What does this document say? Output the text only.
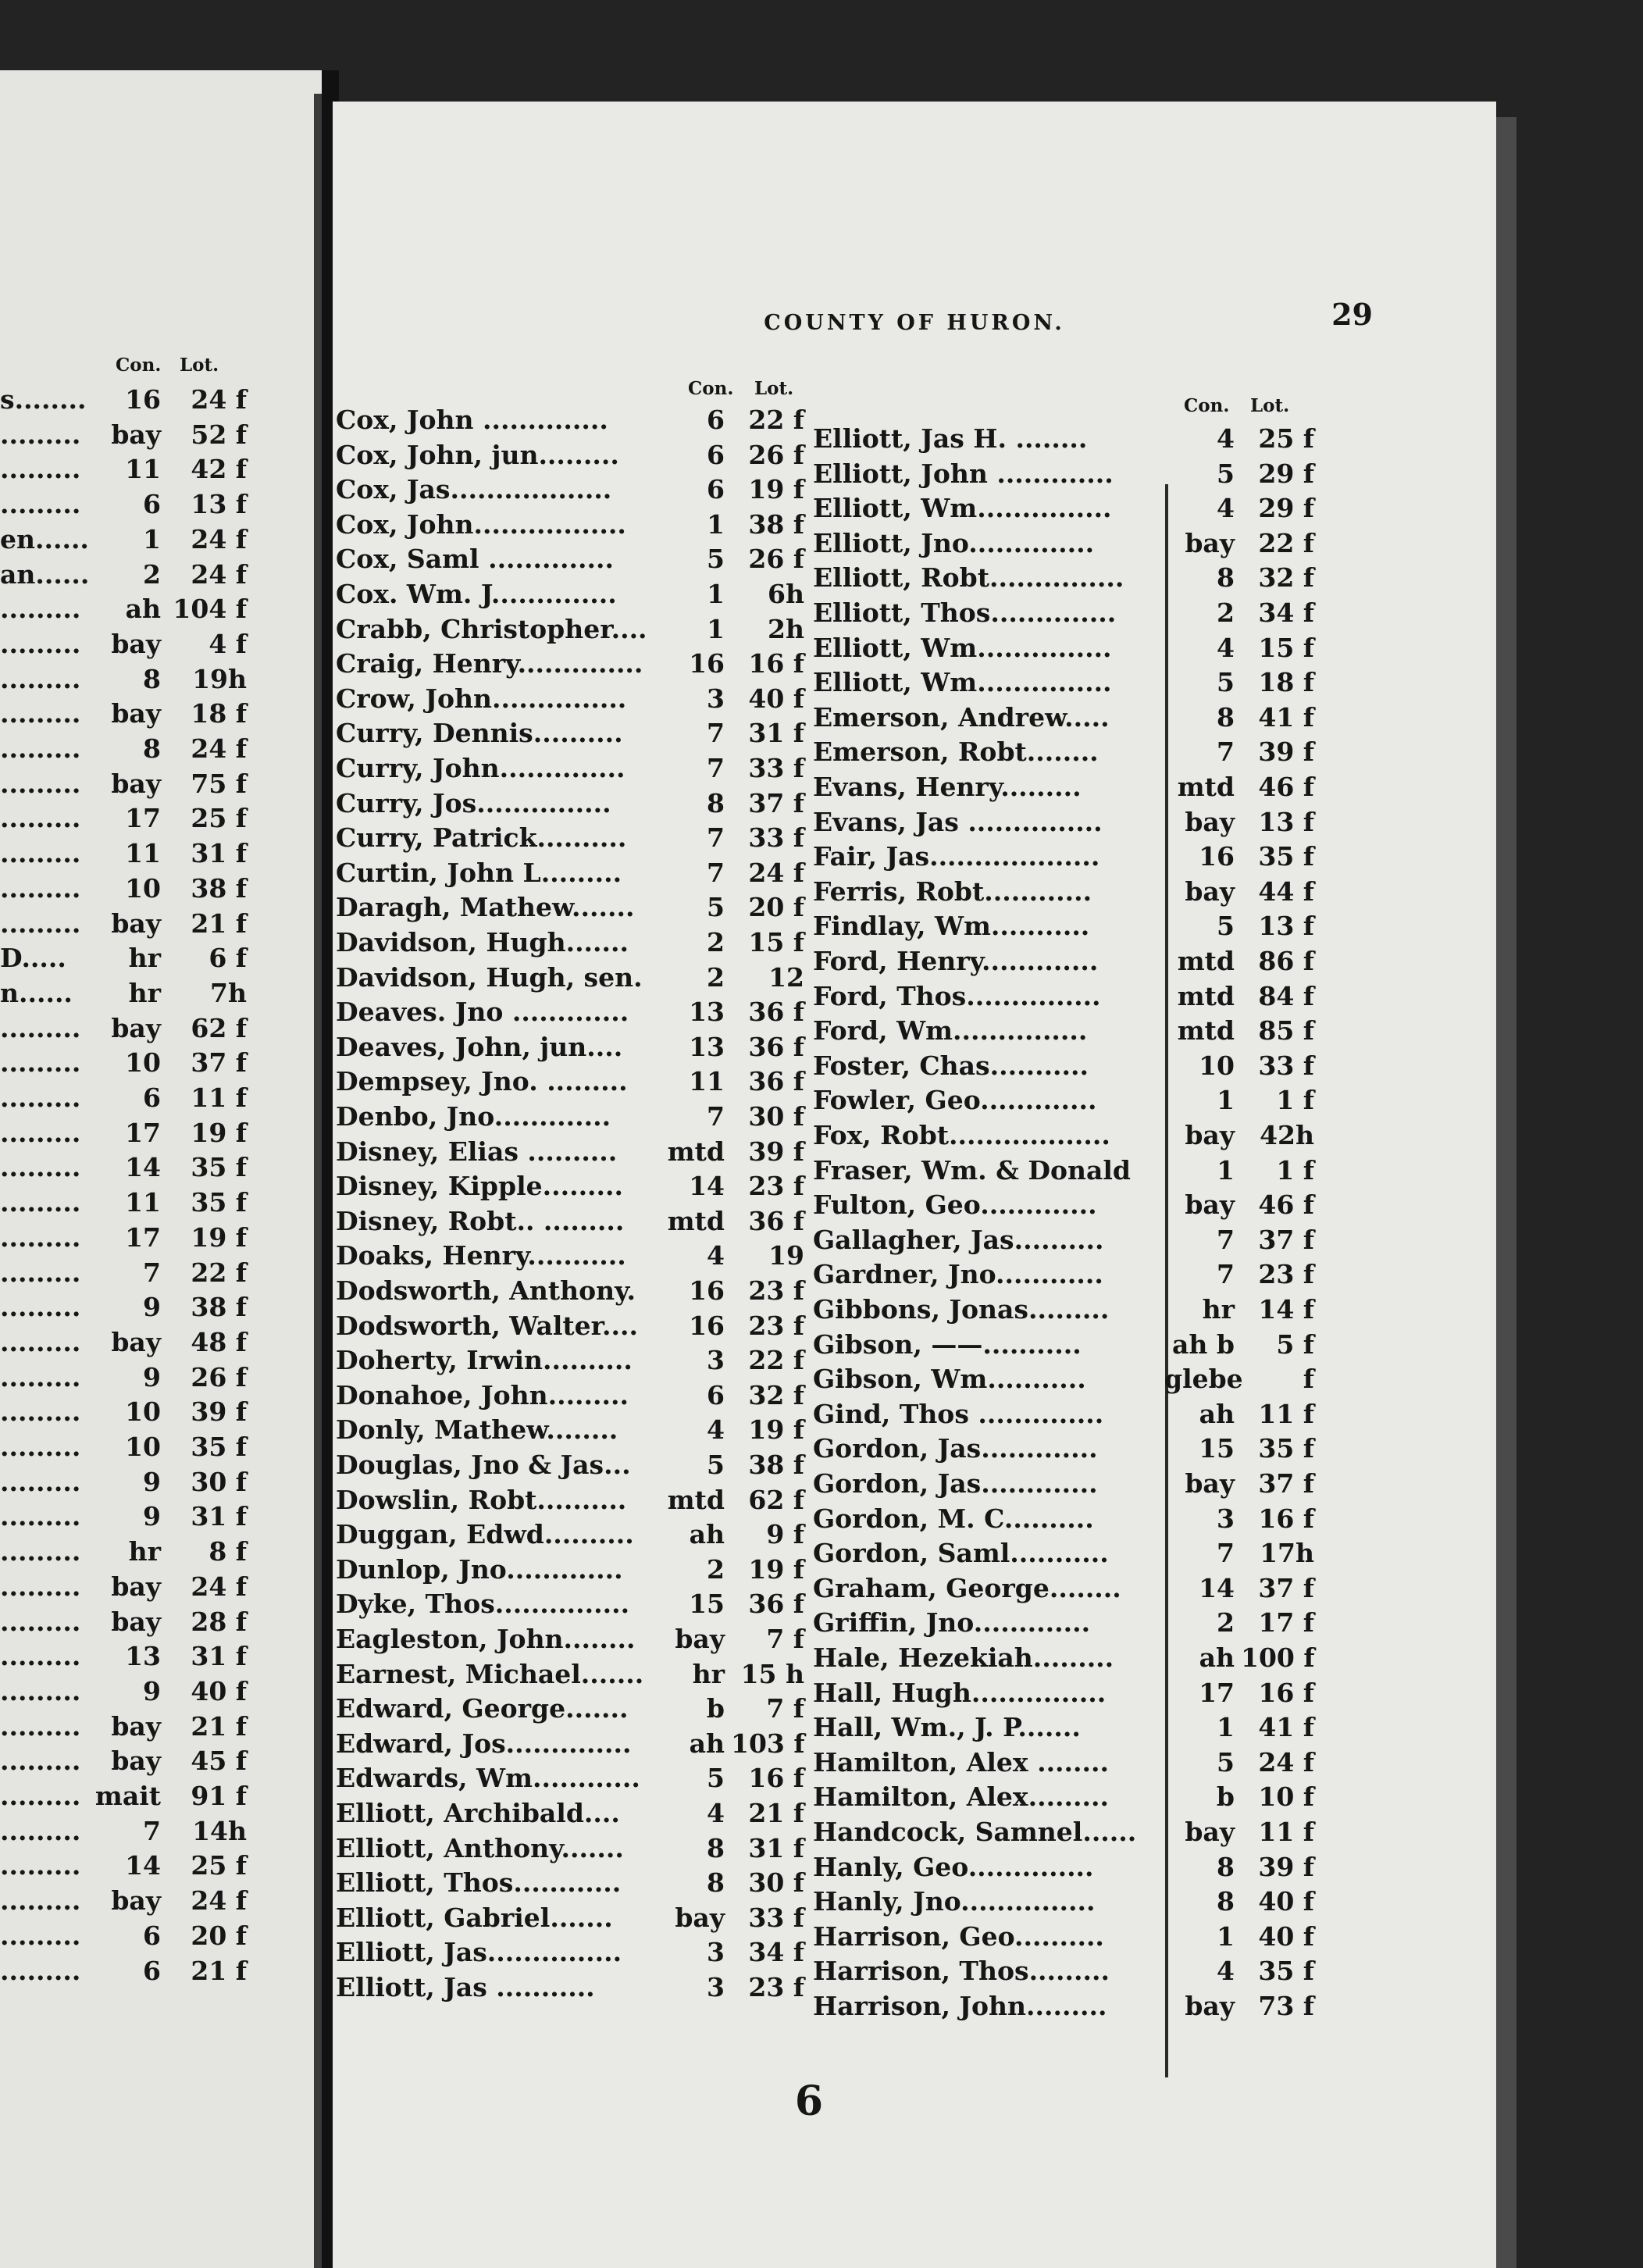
Con. Lot.
s........	16	24 f
.........	bay	52 f
.........	11	42 f
.........	6	13 f
en......	1	24 f
an......	2	24 f
.........	ah 104 f
.........	bay	4 f
.........	8	19h
.........	bay	18 f
.........	8	24 f
.........	bay	75 f
.........	17	25 f
.........	11	31 f
.........	10	38 f
.........	bay	21 f
D.....	hr	6 f
n......	hr	7h
.........	bay	62 f
.........	10	37 f
.........	6	11 f
.........	17	19 f
.........	14	35 f
.........	11	35 f
.........	17	19 f
.........	7	22 f
.........	9	38 f
.........	bay	48 f
.........	9	26 f
.........	10	39 f
.........	10	35 f
.........	9	30 f
.........	9	31 f
.........	hr	8 f
.........	bay	24 f
.........	bay	28 f
.........	13	31 f
.........	9	40 f
.........	bay	21 f
.........	bay	45 f
......... mait	91 f
.........	7	14h
.........	14	25 f
.........	bay	24 f
.........	6	20 f
.........	6	21 f
COUNTY OF HURON.	29
Con. Lot.
Con. Lot.
Cox, John ..............	6 22 f
Cox, John, jun.........	6 26 f
Cox, Jas..................	6 19 f
Cox, John.................	1 38 f
Cox, Saml ..............	5 26 f
Cox. Wm. J..............	1	6h
Crabb, Christopher....	1	2h
Craig, Henry..............	16 16 f
Crow, John...............	3 40 f
Curry, Dennis..........	7 31 f
Curry, John..............	7 33 f
Curry, Jos...............	8 37 f
Curry, Patrick..........	7 33 f
Curtin, John L.........	7 24 f
Daragh, Mathew.......	5 20 f
Davidson, Hugh.......	2 15 f
Davidson, Hugh, sen.	2	12
Deaves. Jno .............	13 36 f
Deaves, John, jun....	13 36 f
Dempsey, Jno. .........	11 36 f
Denbo, Jno.............	7 30 f
Disney, Elias ..........	mtd 39 f
Disney, Kipple.........	14 23 f
Disney, Robt.. .........	mtd 36 f
Doaks, Henry...........	4	19
Dodsworth, Anthony.	16 23 f
Dodsworth, Walter....	16 23 f
Doherty, Irwin..........	3 22 f
Donahoe, John.........	6 32 f
Donly, Mathew........	4 19 f
Douglas, Jno & Jas...	5 38 f
Dowslin, Robt..........	mtd 62 f
Duggan, Edwd..........	ah	9 f
Dunlop, Jno.............	2 19 f
Dyke, Thos...............	15 36 f
Eagleston, John........	bay	7 f
Earnest, Michael.......	hr 15 h
Edward, George.......	b	7 f
Edward, Jos..............	ah 103 f
Edwards, Wm............	5 16 f
Elliott, Archibald....	4 21 f
Elliott, Anthony.......	8 31 f
Elliott, Thos............	8 30 f
Elliott, Gabriel.......	bay 33 f
Elliott, Jas...............	3 34 f
Elliott, Jas ...........	3 23 f
Elliott, Jas H. ........	4 25 f
Elliott, John .............	5 29 f
Elliott, Wm...............	4 29 f
Elliott, Jno..............	bay 22 f
Elliott, Robt...............	8 32 f
Elliott, Thos..............	2 34 f
Elliott, Wm...............	4 15 f
Elliott, Wm...............	5 18 f
Emerson, Andrew.....	8 41 f
Emerson, Robt........	7 39 f
Evans, Henry.........	mtd 46 f
Evans, Jas ...............	bay 13 f
Fair, Jas...................	16 35 f
Ferris, Robt............	bay 44 f
Findlay, Wm...........	5 13 f
Ford, Henry.............	mtd 86 f
Ford, Thos...............	mtd 84 f
Ford, Wm...............	mtd 85 f
Foster, Chas...........	10 33 f
Fowler, Geo.............	1	1 f
Fox, Robt..................	bay 42h
Fraser, Wm. & Donald	1	1 f
Fulton, Geo.............	bay 46 f
Gallagher, Jas..........	7 37 f
Gardner, Jno............	7 23 f
Gibbons, Jonas.........	hr 14 f
Gibson, ——...........	ah b	5 f
Gibson, Wm...........	glebe	f
Gind, Thos ..............	ah 11 f
Gordon, Jas.............	15 35 f
Gordon, Jas.............	bay 37 f
Gordon, M. C..........	3 16 f
Gordon, Saml...........	7 17h
Graham, George........	14 37 f
Griffin, Jno.............	2 17 f
Hale, Hezekiah.........	ah 100 f
Hall, Hugh...............	17 16 f
Hall, Wm., J. P.......	1 41 f
Hamilton, Alex ........	5 24 f
Hamilton, Alex.........	b 10 f
Handcock, Samnel......	bay 11 f
Hanly, Geo..............	8 39 f
Hanly, Jno...............	8 40 f
Harrison, Geo..........	1 40 f
Harrison, Thos.........	4 35 f
Harrison, John.........	bay 73 f
6
